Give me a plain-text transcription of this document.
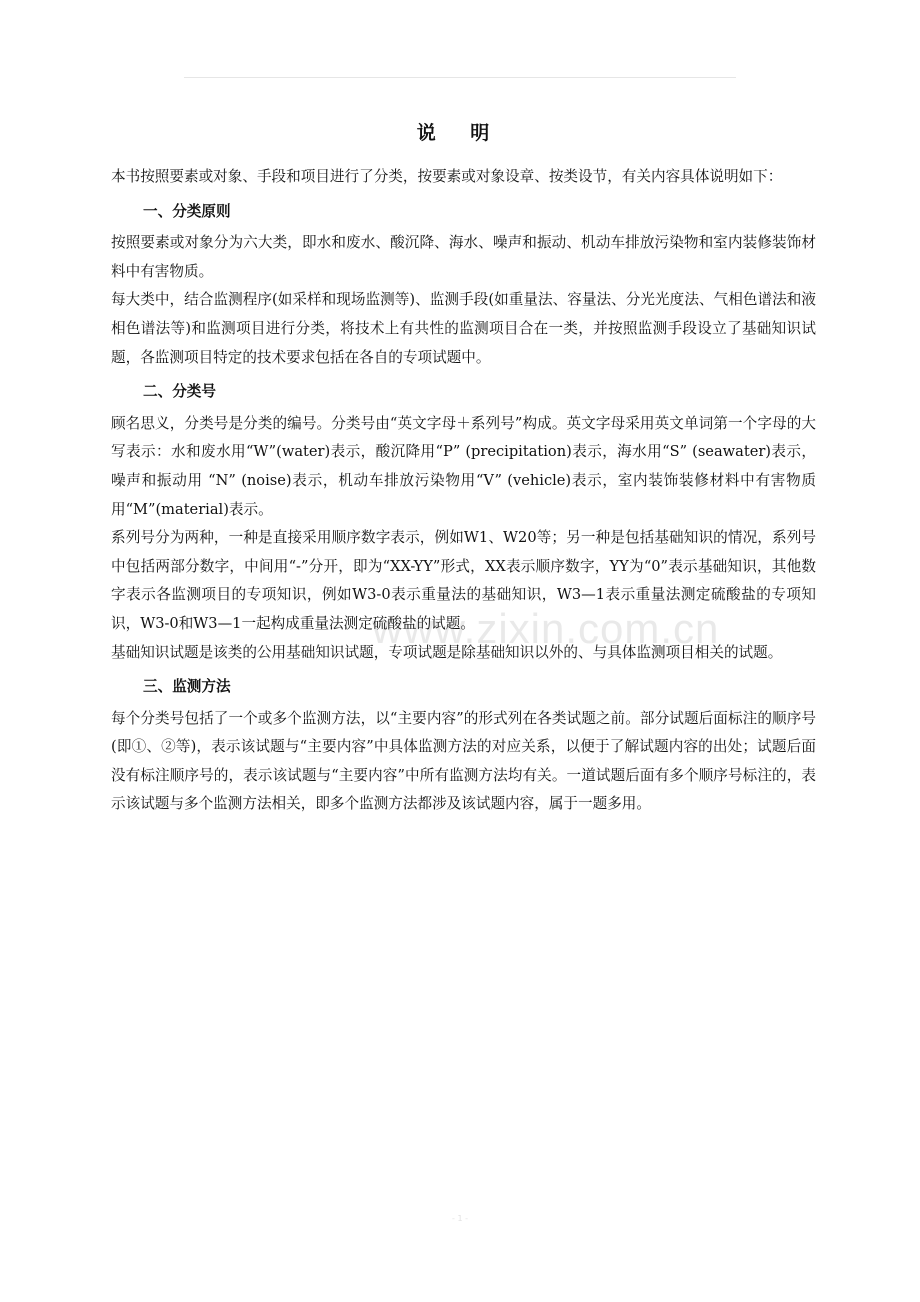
www.zixin.com.cn
说 明

本书按照要素或对象、手段和项目进行了分类，按要素或对象设章、按类设节，有关内容具体说明如下：

一、分类原则

按照要素或对象分为六大类，即水和废水、酸沉降、海水、噪声和振动、机动车排放污染物和室内装修装饰材料中有害物质。

每大类中，结合监测程序(如采样和现场监测等)、监测手段(如重量法、容量法、分光光度法、气相色谱法和液相色谱法等)和监测项目进行分类，将技术上有共性的监测项目合在一类，并按照监测手段设立了基础知识试题，各监测项目特定的技术要求包括在各自的专项试题中。

二、分类号

顾名思义，分类号是分类的编号。分类号由“英文字母＋系列号”构成。英文字母采用英文单词第一个字母的大写表示：水和废水用“W”(water)表示，酸沉降用“P” (precipitation)表示，海水用“S” (seawater)表示，噪声和振动用 “N” (noise)表示，机动车排放污染物用“V” (vehicle)表示，室内装饰装修材料中有害物质用“M”(material)表示。

系列号分为两种，一种是直接采用顺序数字表示，例如W1、W20等；另一种是包括基础知识的情况，系列号中包括两部分数字，中间用“-”分开，即为“XX-YY”形式，XX表示顺序数字，YY为“0”表示基础知识，其他数字表示各监测项目的专项知识，例如W3-0表示重量法的基础知识，W3—1表示重量法测定硫酸盐的专项知识，W3-0和W3—1一起构成重量法测定硫酸盐的试题。

基础知识试题是该类的公用基础知识试题，专项试题是除基础知识以外的、与具体监测项目相关的试题。

三、监测方法

每个分类号包括了一个或多个监测方法，以“主要内容”的形式列在各类试题之前。部分试题后面标注的顺序号(即①、②等)，表示该试题与“主要内容”中具体监测方法的对应关系，以便于了解试题内容的出处；试题后面没有标注顺序号的，表示该试题与“主要内容”中所有监测方法均有关。一道试题后面有多个顺序号标注的，表示该试题与多个监测方法相关，即多个监测方法都涉及该试题内容，属于一题多用。

- 1 -
